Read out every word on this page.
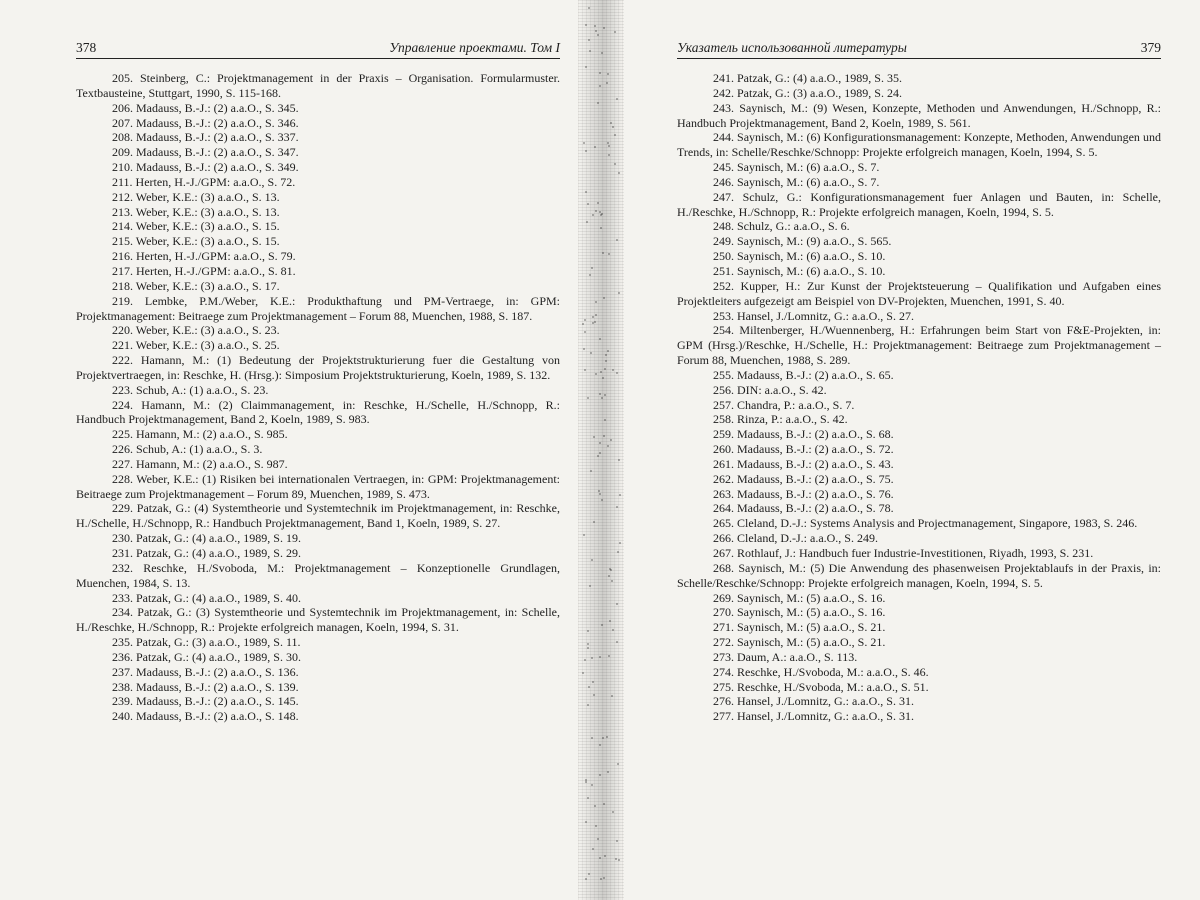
378	Управление проектами. Том I

205. Steinberg, C.: Projektmanagement in der Praxis – Organisation. Formularmuster. Textbausteine, Stuttgart, 1990, S. 115-168.

206. Madauss, B.-J.: (2) a.a.O., S. 345.

207. Madauss, B.-J.: (2) a.a.O., S. 346.

208. Madauss, B.-J.: (2) a.a.O., S. 337.

209. Madauss, B.-J.: (2) a.a.O., S. 347.

210. Madauss, B.-J.: (2) a.a.O., S. 349.

211. Herten, H.-J./GPM: a.a.O., S. 72.

212. Weber, K.E.: (3) a.a.O., S. 13.

213. Weber, K.E.: (3) a.a.O., S. 13.

214. Weber, K.E.: (3) a.a.O., S. 15.

215. Weber, K.E.: (3) a.a.O., S. 15.

216. Herten, H.-J./GPM: a.a.O., S. 79.

217. Herten, H.-J./GPM: a.a.O., S. 81.

218. Weber, K.E.: (3) a.a.O., S. 17.

219. Lembke, P.M./Weber, K.E.: Produkthaftung und PM-Vertraege, in: GPM: Projektmanagement: Beitraege zum Projektmanagement – Forum 88, Muenchen, 1988, S. 187.

220. Weber, K.E.: (3) a.a.O., S. 23.

221. Weber, K.E.: (3) a.a.O., S. 25.

222. Hamann, M.: (1) Bedeutung der Projektstrukturierung fuer die Gestaltung von Projektvertraegen, in: Reschke, H. (Hrsg.): Simposium Projektstrukturierung, Koeln, 1989, S. 132.

223. Schub, A.: (1) a.a.O., S. 23.

224. Hamann, M.: (2) Claimmanagement, in: Reschke, H./Schelle, H./Schnopp, R.: Handbuch Projektmanagement, Band 2, Koeln, 1989, S. 983.

225. Hamann, M.: (2) a.a.O., S. 985.

226. Schub, A.: (1) a.a.O., S. 3.

227. Hamann, M.: (2) a.a.O., S. 987.

228. Weber, K.E.: (1) Risiken bei internationalen Vertraegen, in: GPM: Projektmanagement: Beitraege zum Projektmanagement – Forum 89, Muenchen, 1989, S. 473.

229. Patzak, G.: (4) Systemtheorie und Systemtechnik im Projektmanagement, in: Reschke, H./Schelle, H./Schnopp, R.: Handbuch Projektmanagement, Band 1, Koeln, 1989, S. 27.

230. Patzak, G.: (4) a.a.O., 1989, S. 19.

231. Patzak, G.: (4) a.a.O., 1989, S. 29.

232. Reschke, H./Svoboda, M.: Projektmanagement – Konzeptionelle Grundlagen, Muenchen, 1984, S. 13.

233. Patzak, G.: (4) a.a.O., 1989, S. 40.

234. Patzak, G.: (3) Systemtheorie und Systemtechnik im Projektmanagement, in: Schelle, H./Reschke, H./Schnopp, R.: Projekte erfolgreich managen, Koeln, 1994, S. 31.

235. Patzak, G.: (3) a.a.O., 1989, S. 11.

236. Patzak, G.: (4) a.a.O., 1989, S. 30.

237. Madauss, B.-J.: (2) a.a.O., S. 136.

238. Madauss, B.-J.: (2) a.a.O., S. 139.

239. Madauss, B.-J.: (2) a.a.O., S. 145.

240. Madauss, B.-J.: (2) a.a.O., S. 148.

Указатель использованной литературы	379

241. Patzak, G.: (4) a.a.O., 1989, S. 35.

242. Patzak, G.: (3) a.a.O., 1989, S. 24.

243. Saynisch, M.: (9) Wesen, Konzepte, Methoden und Anwendungen, H./Schnopp, R.: Handbuch Projektmanagement, Band 2, Koeln, 1989, S. 561.

244. Saynisch, M.: (6) Konfigurationsmanagement: Konzepte, Methoden, Anwendungen und Trends, in: Schelle/Reschke/Schnopp: Projekte erfolgreich managen, Koeln, 1994, S. 5.

245. Saynisch, M.: (6) a.a.O., S. 7.

246. Saynisch, M.: (6) a.a.O., S. 7.

247. Schulz, G.: Konfigurationsmanagement fuer Anlagen und Bauten, in: Schelle, H./Reschke, H./Schnopp, R.: Projekte erfolgreich managen, Koeln, 1994, S. 5.

248. Schulz, G.: a.a.O., S. 6.

249. Saynisch, M.: (9) a.a.O., S. 565.

250. Saynisch, M.: (6) a.a.O., S. 10.

251. Saynisch, M.: (6) a.a.O., S. 10.

252. Kupper, H.: Zur Kunst der Projektsteuerung – Qualifikation und Aufgaben eines Projektleiters aufgezeigt am Beispiel von DV-Projekten, Muenchen, 1991, S. 40.

253. Hansel, J./Lomnitz, G.: a.a.O., S. 27.

254. Miltenberger, H./Wuennenberg, H.: Erfahrungen beim Start von F&E-Projekten, in: GPM (Hrsg.)/Reschke, H./Schelle, H.: Projektmanagement: Beitraege zum Projektmanagement – Forum 88, Muenchen, 1988, S. 289.

255. Madauss, B.-J.: (2) a.a.O., S. 65.

256. DIN: a.a.O., S. 42.

257. Chandra, P.: a.a.O., S. 7.

258. Rinza, P.: a.a.O., S. 42.

259. Madauss, B.-J.: (2) a.a.O., S. 68.

260. Madauss, B.-J.: (2) a.a.O., S. 72.

261. Madauss, B.-J.: (2) a.a.O., S. 43.

262. Madauss, B.-J.: (2) a.a.O., S. 75.

263. Madauss, B.-J.: (2) a.a.O., S. 76.

264. Madauss, B.-J.: (2) a.a.O., S. 78.

265. Cleland, D.-J.: Systems Analysis and Projectmanagement, Singapore, 1983, S. 246.

266. Cleland, D.-J.: a.a.O., S. 249.

267. Rothlauf, J.: Handbuch fuer Industrie-Investitionen, Riyadh, 1993, S. 231.

268. Saynisch, M.: (5) Die Anwendung des phasenweisen Projektablaufs in der Praxis, in: Schelle/Reschke/Schnopp: Projekte erfolgreich managen, Koeln, 1994, S. 5.

269. Saynisch, M.: (5) a.a.O., S. 16.

270. Saynisch, M.: (5) a.a.O., S. 16.

271. Saynisch, M.: (5) a.a.O., S. 21.

272. Saynisch, M.: (5) a.a.O., S. 21.

273. Daum, A.: a.a.O., S. 113.

274. Reschke, H./Svoboda, M.: a.a.O., S. 46.

275. Reschke, H./Svoboda, M.: a.a.O., S. 51.

276. Hansel, J./Lomnitz, G.: a.a.O., S. 31.

277. Hansel, J./Lomnitz, G.: a.a.O., S. 31.
